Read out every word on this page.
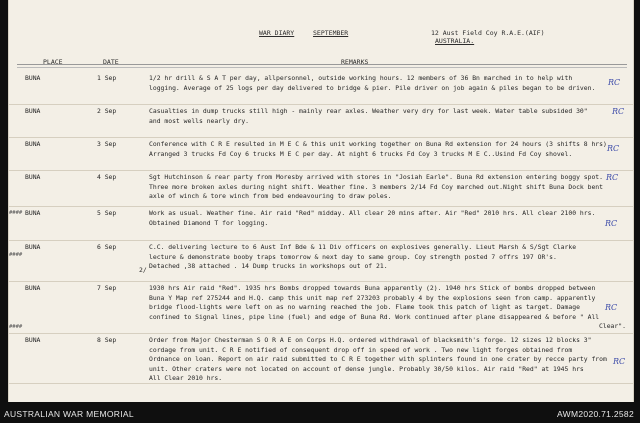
WAR DIARY	SEPTEMBER	12 Aust Field Coy R.A.E.(AIF)
AUSTRALIA.
PLACE	DATE	REMARKS
BUNA	1 Sep	1/2 hr drill & S A T per day, allpersonnel, outside working hours. 12 members of 36 Bn marched in to help with
logging. Average of 25 logs per day delivered to bridge & pier. Pile driver on job again & piles began to be driven.
RC
BUNA	2 Sep	Casualties in dump trucks still high - mainly rear axles. Weather very dry for last week. Water table subsided 30"
and most wells nearly dry.
RC
BUNA	3 Sep	Conference with C R E resulted in M E C & this unit working together on Buna Rd extension for 24 hours (3 shifts 8 hrs)
Arranged 3 trucks Fd Coy 6 trucks M E C per day. At night 6 trucks Fd Coy 3 trucks M E C..Usind Fd Coy shovel.
RC
BUNA	4 Sep	Sgt Hutchinson & rear party from Moresby arrived with stores in "Josiah Earle". Buna Rd extension entering boggy spot.
Three more broken axles during night shift. Weather fine. 3 members 2/14 Fd Coy marched out.Night shift Buna Dock bent
axle of winch & tore winch from bed endeavouring to draw poles.
RC
BUNA	5 Sep	Work as usual. Weather fine. Air raid "Red" midday. All clear 20 mins after. Air "Red" 2010 hrs. All clear 2100 hrs.
Obtained Diamond T for logging.	RC
BUNA	6 Sep	C.C. delivering lecture to 6 Aust Inf Bde & 11 Div officers on explosives generally. Lieut Marsh & S/Sgt Clarke
lecture & demonstrate booby traps tomorrow & next day to same group. Coy strength posted 7 offrs 197 OR's.
Detached ,38 attached . 14 Dump trucks in workshops out of 21.
BUNA	7 Sep	1930 hrs Air raid "Red". 1935 hrs Bombs dropped towards Buna apparently (2). 1940 hrs Stick of bombs dropped between
Buna Y Map ref 275244 and H.Q. camp this unit map ref 273203 probably 4 by the explosions seen from camp. apparently
bridge flood-lights were left on as no warning reached the job. Flame took this patch of light as target. Damage
confined to Signal lines, pipe line (fuel) and edge of Buna Rd. Work continued after plane disappeared & before " All
Clear".
RC
BUNA	8 Sep	Order from Major Chesterman S O R A E on Corps H.Q. ordered withdrawal of blacksmith's forge. 12 sizes 12 blocks 3"
cordage from unit. C R E notified of consequent drop off in speed of work . Two new light forges obtained from
Ordnance on loan. Report on air raid submitted to C R E together with splinters found in one crater by recce party from
unit. Other craters were not located on account of dense jungle. Probably 30/50 kilos. Air raid "Red" at 1945 hrs
All Clear 2010 hrs.
RC
####
####
####
2/
AUSTRALIAN WAR MEMORIAL	AWM2020.71.2582
